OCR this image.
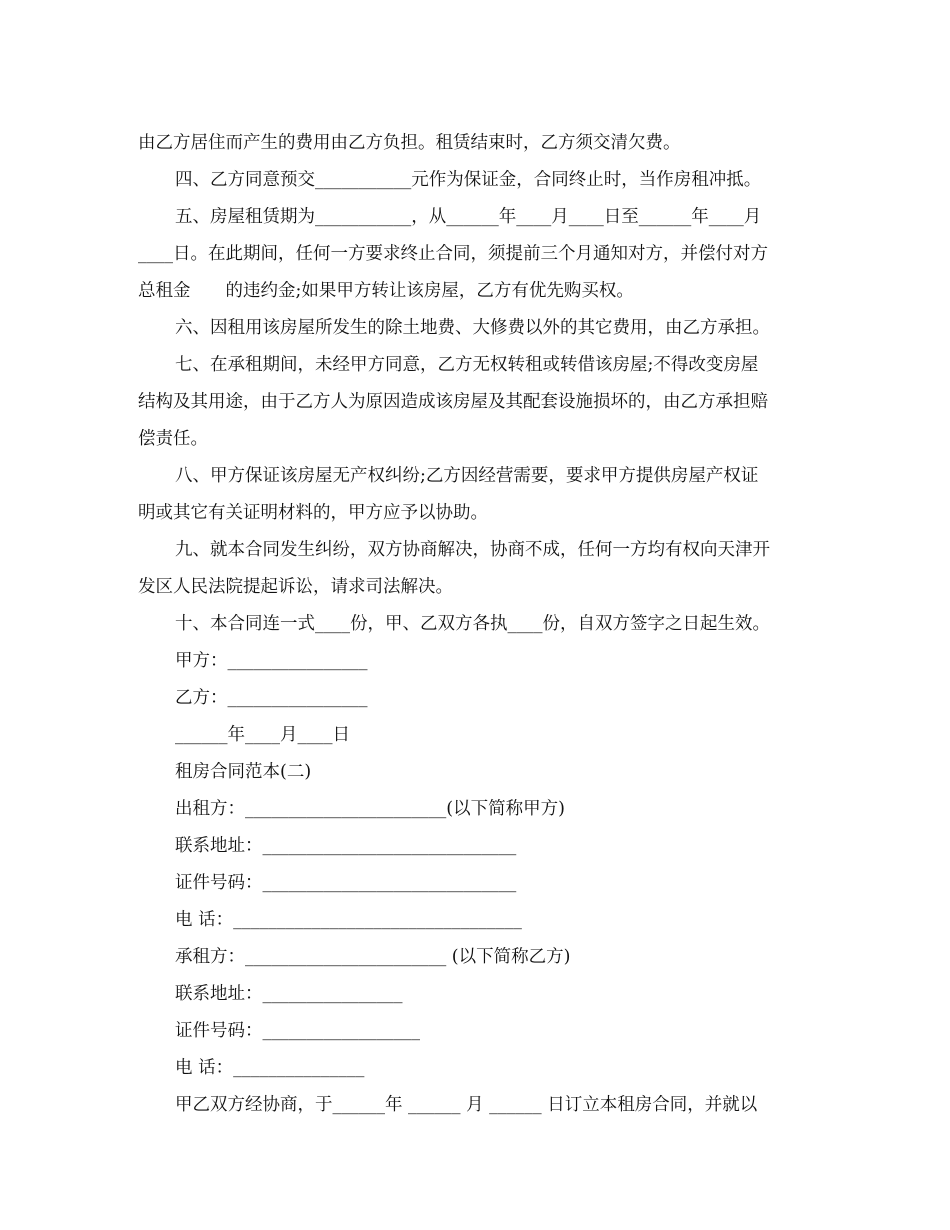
由乙方居住而产生的费用由乙方负担。租赁结束时，乙方须交清欠费。
四、乙方同意预交___________元作为保证金，合同终止时，当作房租冲抵。
五、房屋租赁期为___________，从______年____月____日至______年____月
____日。在此期间，任何一方要求终止合同，须提前三个月通知对方，并偿付对方
总租金　　的违约金;如果甲方转让该房屋，乙方有优先购买权。
六、因租用该房屋所发生的除土地费、大修费以外的其它费用，由乙方承担。
七、在承租期间，未经甲方同意，乙方无权转租或转借该房屋;不得改变房屋
结构及其用途，由于乙方人为原因造成该房屋及其配套设施损坏的，由乙方承担赔
偿责任。
八、甲方保证该房屋无产权纠纷;乙方因经营需要，要求甲方提供房屋产权证
明或其它有关证明材料的，甲方应予以协助。
九、就本合同发生纠纷，双方协商解决，协商不成，任何一方均有权向天津开
发区人民法院提起诉讼，请求司法解决。
十、本合同连一式____份，甲、乙双方各执____份，自双方签字之日起生效。
甲方：________________
乙方：________________
______年____月____日
租房合同范本(二)
出租方：_______________________(以下简称甲方)
联系地址：_____________________________
证件号码：_____________________________
电 话：_________________________________
承租方：_______________________ (以下简称乙方)
联系地址：________________
证件号码：__________________
电 话：_______________
甲乙双方经协商，于______年 ______ 月 ______ 日订立本租房合同，并就以
